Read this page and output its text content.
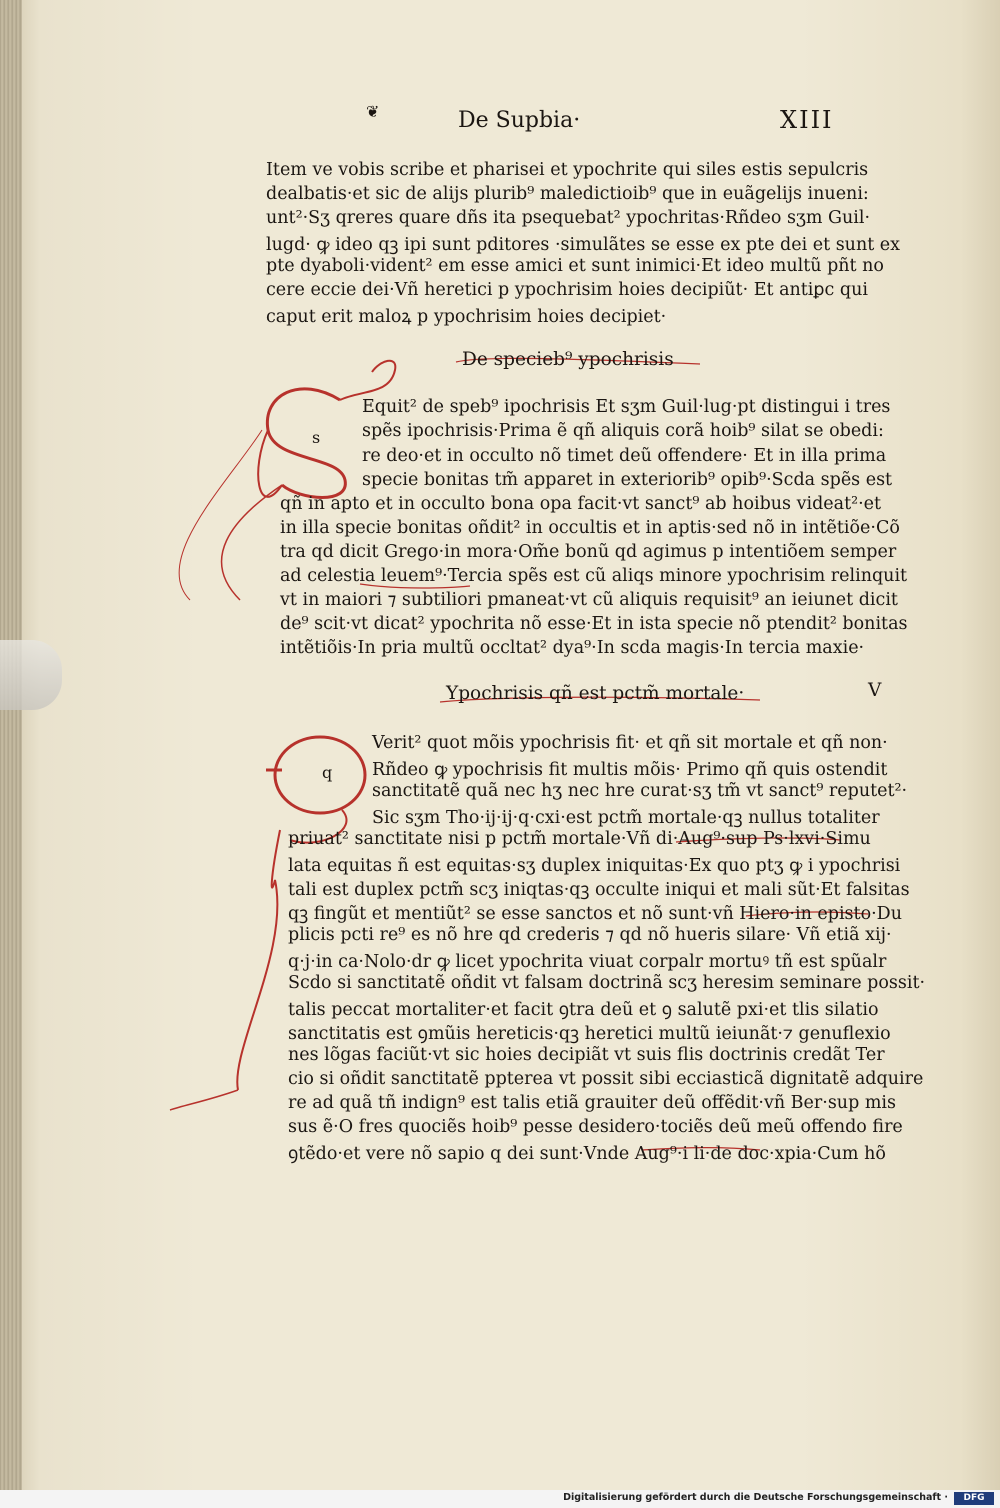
❦	De Supbia·	XIII
Item ve vobis scribe et pharisei et ypochrite qui siles estis sepulcris
dealbatis·et sic de alijs plurib⁹ maledictioib⁹ que in euãgelijs inueni:
unt²·Sʒ qreres quare dñs ita psequebat² ypochritas·Rñdeo sʒm Guil·
lugd· ꝙ ideo qꝫ ipi sunt pditores ·simulãtes se esse ex pte dei et sunt ex
pte dyaboli·vident² em esse amici et sunt inimici·Et ideo multũ pñt no
cere eccie dei·Vñ heretici p ypochrisim hoies decipiũt· Et antiꝑc qui
caput erit maloꝝ p ypochrisim hoies decipiet·
De specieb⁹ ypochrisis
s
Equit² de speb⁹ ipochrisis Et sʒm Guil·lug·pt distingui i tres
spẽs ipochrisis·Prima ẽ qñ aliquis corã hoib⁹ silat se obedi:
re deo·et in occulto nõ timet deũ offendere· Et in illa prima
specie bonitas tm̃ apparet in exteriorib⁹ opib⁹·Scda spẽs est
qñ in apto et in occulto bona opa facit·vt sanct⁹ ab hoibus videat²·et
in illa specie bonitas oñdit² in occultis et in aptis·sed nõ in intẽtiõe·Cõ
tra qd dicit Grego·in mora·Om̃e bonũ qd agimus p intentiõem semper
ad celestia leuem⁹·Tercia spẽs est cũ aliqs minore ypochrisim relinquit
vt in maiori ⁊ subtiliori pmaneat·vt cũ aliquis requisit⁹ an ieiunet dicit
de⁹ scit·vt dicat² ypochrita nõ esse·Et in ista specie nõ ptendit² bonitas
intẽtiõis·In pria multũ occltat² dya⁹·In scda magis·In tercia maxie·
Ypochrisis qñ est pctm̃ mortale·	V
q
Verit² quot mõis ypochrisis fit· et qñ sit mortale et qñ non·
Rñdeo ꝙ ypochrisis fit multis mõis· Primo qñ quis ostendit
sanctitatẽ quã nec hʒ nec hre curat·sʒ tm̃ vt sanct⁹ reputet²·
Sic sʒm Tho·ij·ij·q·cxi·est pctm̃ mortale·qꝫ nullus totaliter
priuat² sanctitate nisi p pctm̃ mortale·Vñ di·Aug⁹·sup Ps·lxvi·Simu
lata equitas ñ est equitas·sʒ duplex iniquitas·Ex quo ptʒ ꝙ i ypochrisi
tali est duplex pctm̃ scʒ iniqtas·qꝫ occulte iniqui et mali sũt·Et falsitas
qꝫ fingũt et mentiũt² se esse sanctos et nõ sunt·vñ Hiero·in episto·Du
plicis pcti re⁹ es nõ hre qd crederis ⁊ qd nõ hueris silare· Vñ etiã xij·
q·j·in ca·Nolo·dr ꝙ licet ypochrita viuat corpalr mortuꝰ tñ est spũalr
Scdo si sanctitatẽ oñdit vt falsam doctrinã scʒ heresim seminare possit·
talis peccat mortaliter·et facit ꝯtra deũ et ꝯ salutẽ pxi·et tlis silatio
sanctitatis est ꝯmũis hereticis·qꝫ heretici multũ ieiunãt·⁊ genuflexio
nes lõgas faciũt·vt sic hoies decipiãt vt suis flis doctrinis credãt Ter
cio si oñdit sanctitatẽ ppterea vt possit sibi ecciasticã dignitatẽ adquire
re ad quã tñ indign⁹ est talis etiã grauiter deũ offẽdit·vñ Ber·sup mis
sus ẽ·O fres quociẽs hoib⁹ pesse desidero·tociẽs deũ meũ offendo fire
ꝯtẽdo·et vere nõ sapio q dei sunt·Vnde Aug⁹·i li·de doc·xpia·Cum hõ
Digitalisierung gefördert durch die Deutsche Forschungsgemeinschaft ·	DFG
